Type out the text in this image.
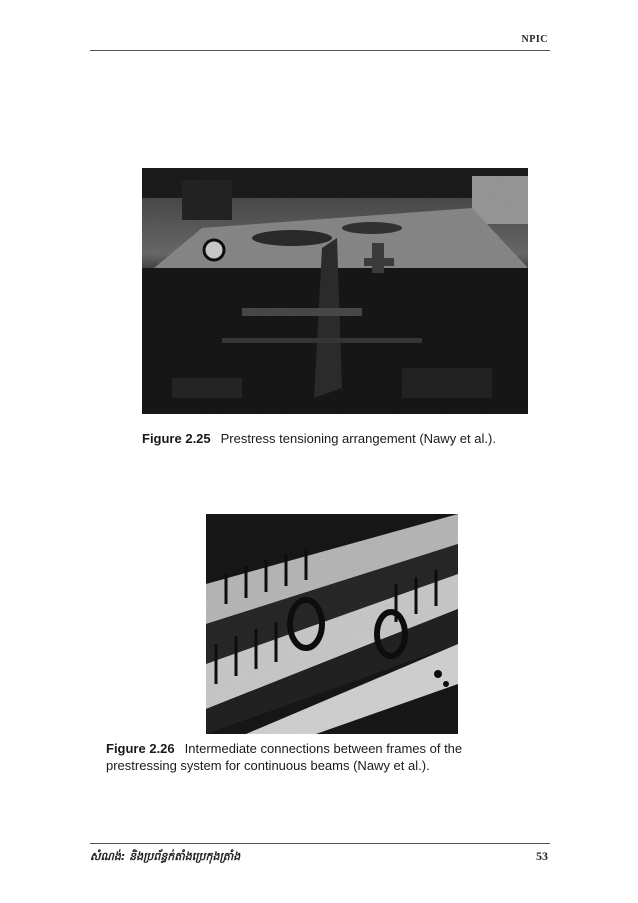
NPIC
Figure 2.25 Prestress tensioning arrangement (Nawy et al.).
Figure 2.26 Intermediate connections between frames of the prestressing system for continuous beams (Nawy et al.).
សំណង់: និងប្រព័ន្ធក់តាំងប្រេកុងត្រាំង	53
